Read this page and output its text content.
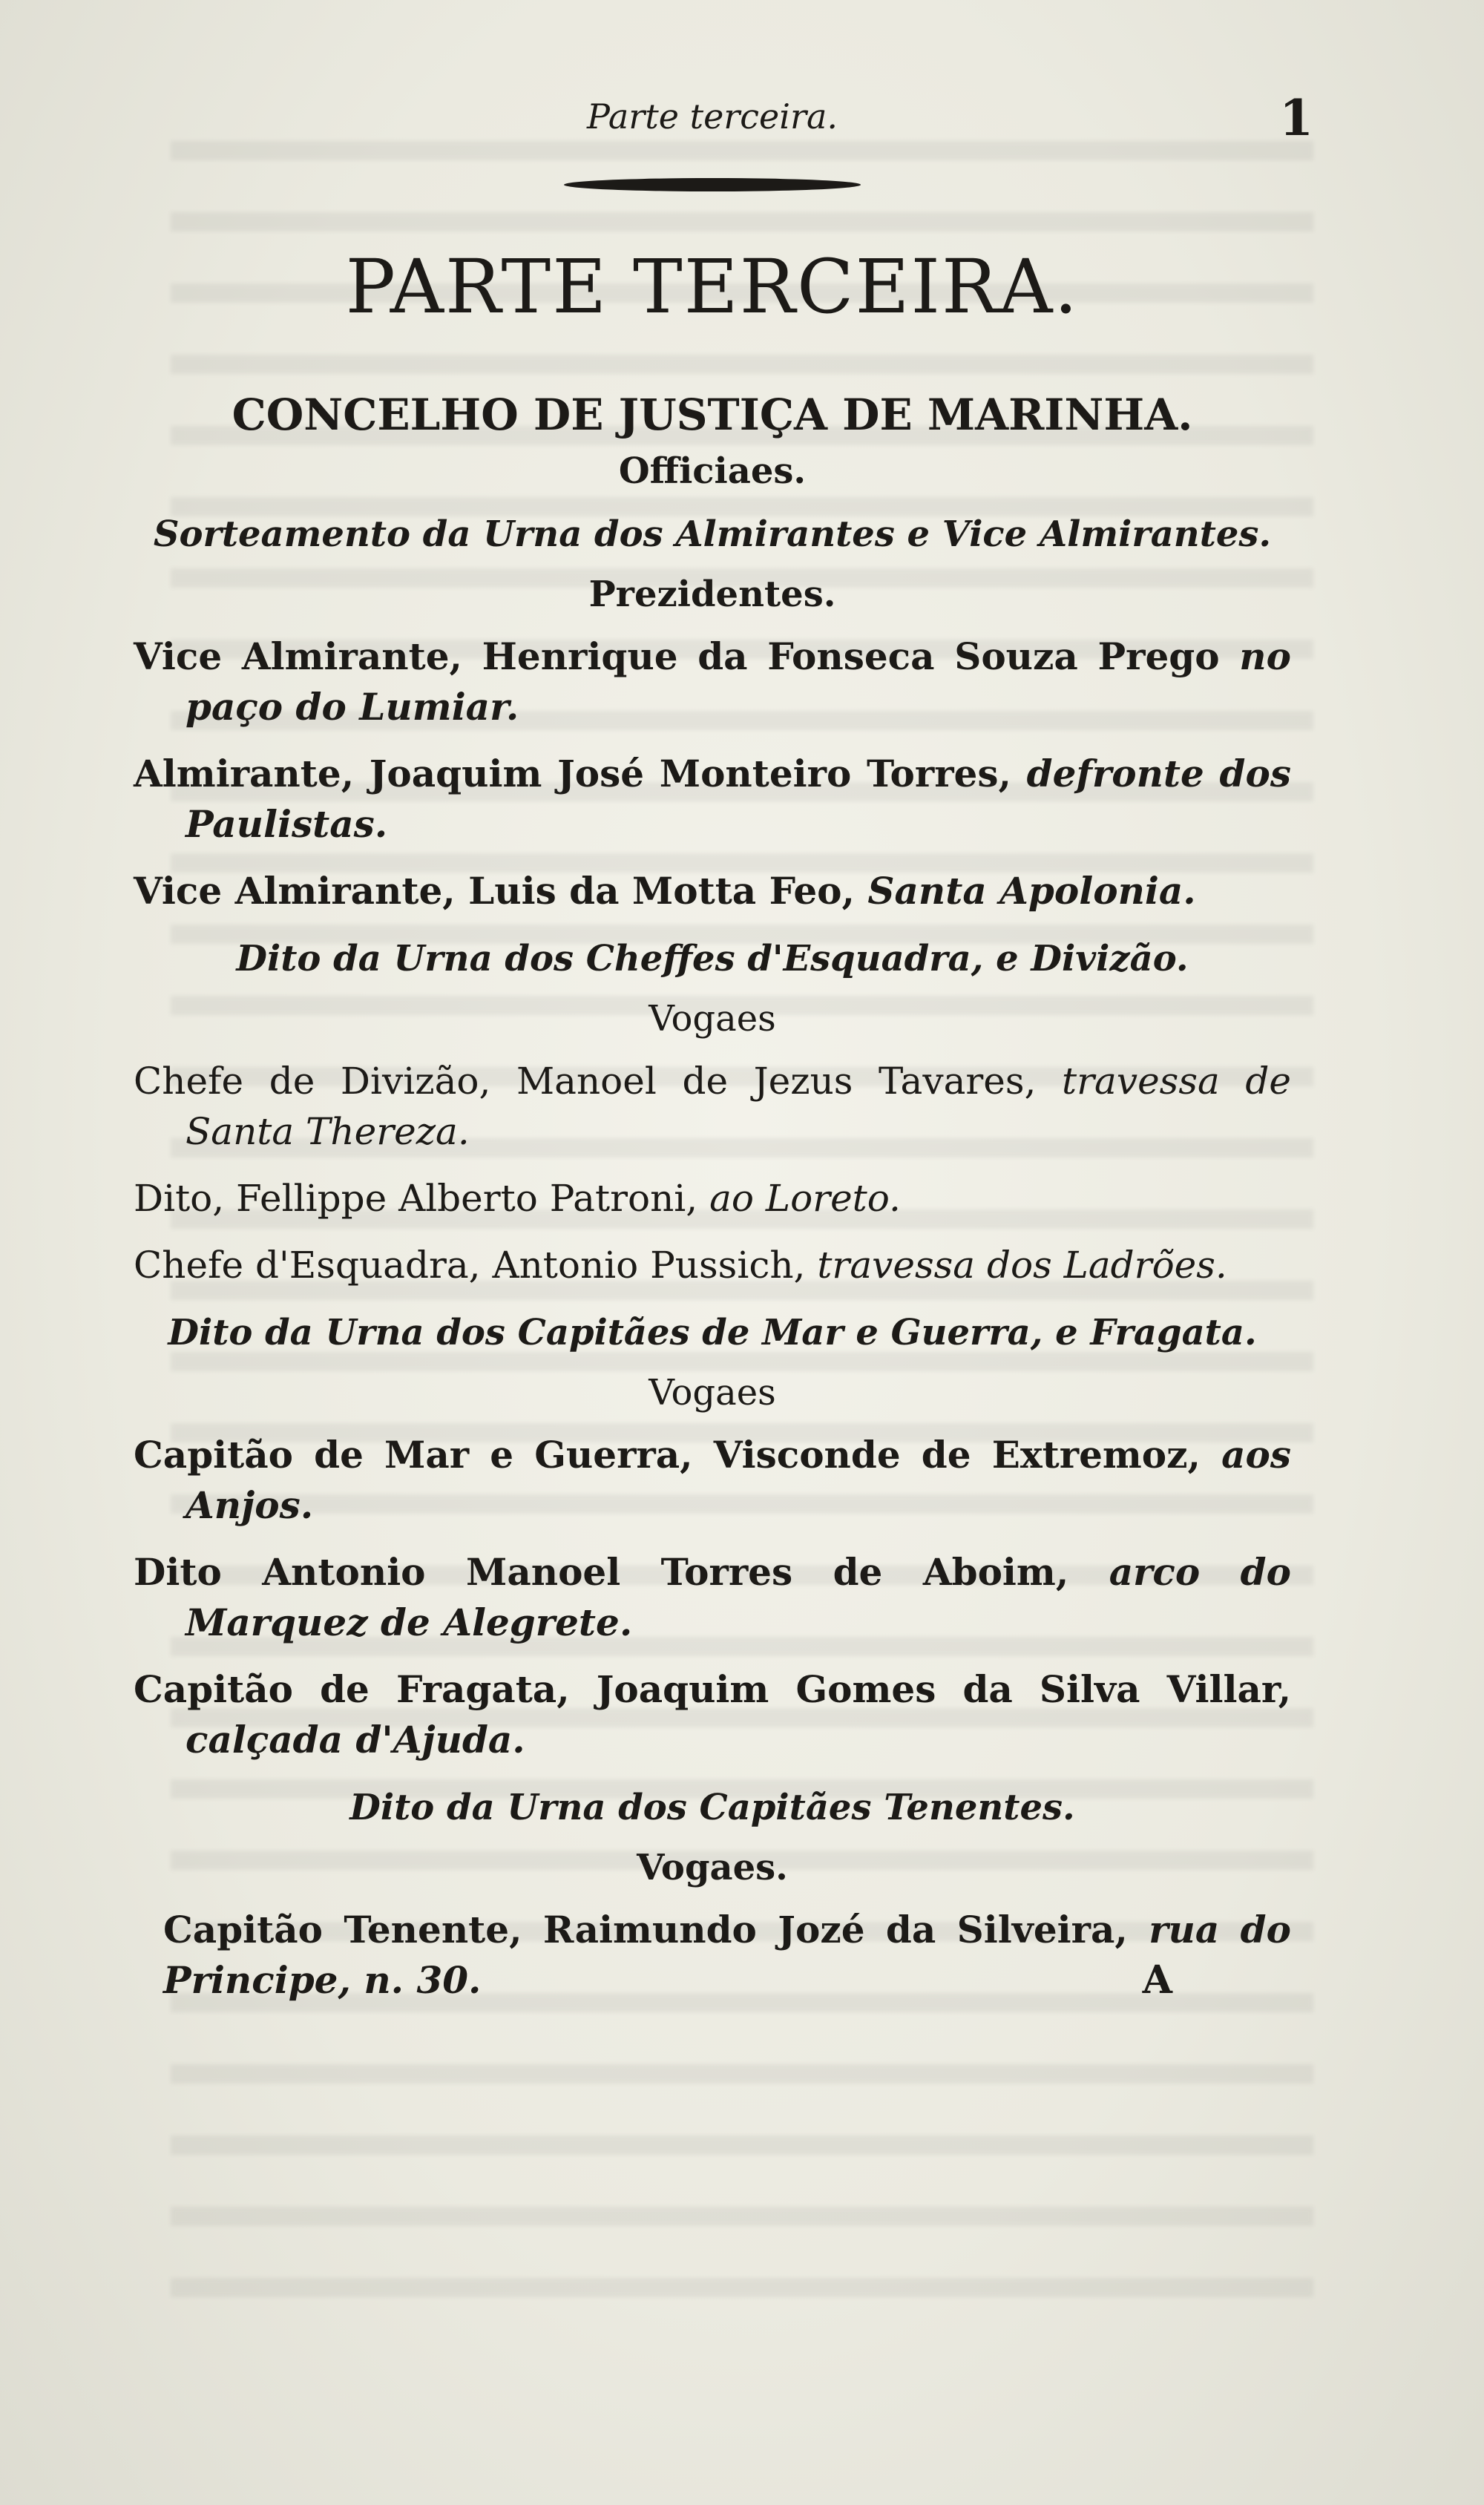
Parte terceira.	1
PARTE TERCEIRA.
CONCELHO DE JUSTIÇA DE MARINHA.
Officiaes.
Sorteamento da Urna dos Almirantes e Vice Almirantes.
Prezidentes.
Vice Almirante, Henrique da Fonseca Souza Prego no paço do Lumiar.
Almirante, Joaquim José Monteiro Torres, defronte dos Paulistas.
Vice Almirante, Luis da Motta Feo, Santa Apolonia.
Dito da Urna dos Cheffes d'Esquadra, e Divizão.
Vogaes
Chefe de Divizão, Manoel de Jezus Tavares, travessa de Santa Thereza.
Dito, Fellippe Alberto Patroni, ao Loreto.
Chefe d'Esquadra, Antonio Pussich, travessa dos Ladrões.
Dito da Urna dos Capitães de Mar e Guerra, e Fragata.
Vogaes
Capitão de Mar e Guerra, Visconde de Extremoz, aos Anjos.
Dito Antonio Manoel Torres de Aboim, arco do Marquez de Alegrete.
Capitão de Fragata, Joaquim Gomes da Silva Villar, calçada d'Ajuda.
Dito da Urna dos Capitães Tenentes.
Vogaes.
Capitão Tenente, Raimundo Jozé da Silveira, rua do Principe, n. 30.	A
